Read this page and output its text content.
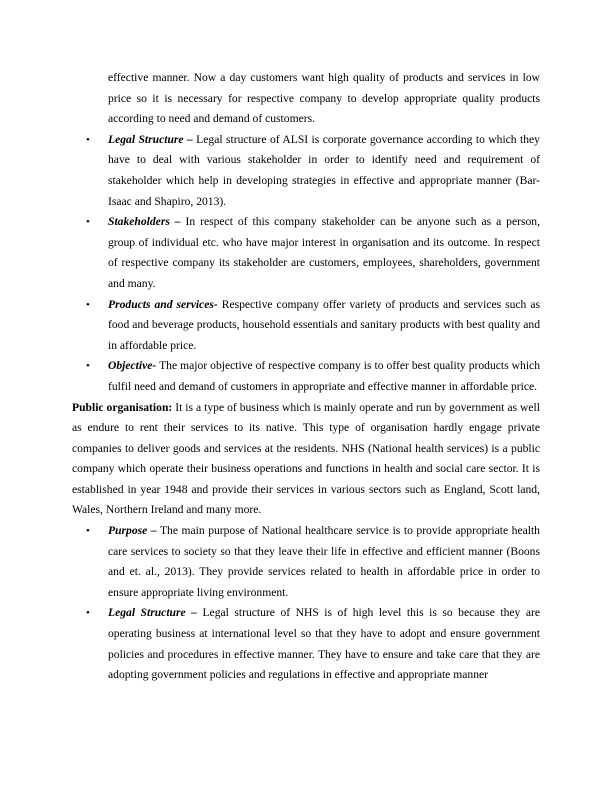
effective manner. Now a day customers want high quality of products and services in low price so it is necessary for respective company to develop appropriate quality products according to need and demand of customers.

• Legal Structure – Legal structure of ALSI is corporate governance according to which they have to deal with various stakeholder in order to identify need and requirement of stakeholder which help in developing strategies in effective and appropriate manner (Bar-Isaac and Shapiro, 2013).
• Stakeholders – In respect of this company stakeholder can be anyone such as a person, group of individual etc. who have major interest in organisation and its outcome. In respect of respective company its stakeholder are customers, employees, shareholders, government and many.
• Products and services- Respective company offer variety of products and services such as food and beverage products, household essentials and sanitary products with best quality and in affordable price.
• Objective- The major objective of respective company is to offer best quality products which fulfil need and demand of customers in appropriate and effective manner in affordable price.

Public organisation: It is a type of business which is mainly operate and run by government as well as endure to rent their services to its native. This type of organisation hardly engage private companies to deliver goods and services at the residents. NHS (National health services) is a public company which operate their business operations and functions in health and social care sector. It is established in year 1948 and provide their services in various sectors such as England, Scott land, Wales, Northern Ireland and many more.

• Purpose – The main purpose of National healthcare service is to provide appropriate health care services to society so that they leave their life in effective and efficient manner (Boons and et. al., 2013). They provide services related to health in affordable price in order to ensure appropriate living environment.
• Legal Structure – Legal structure of NHS is of high level this is so because they are operating business at international level so that they have to adopt and ensure government policies and procedures in effective manner. They have to ensure and take care that they are adopting government policies and regulations in effective and appropriate manner
